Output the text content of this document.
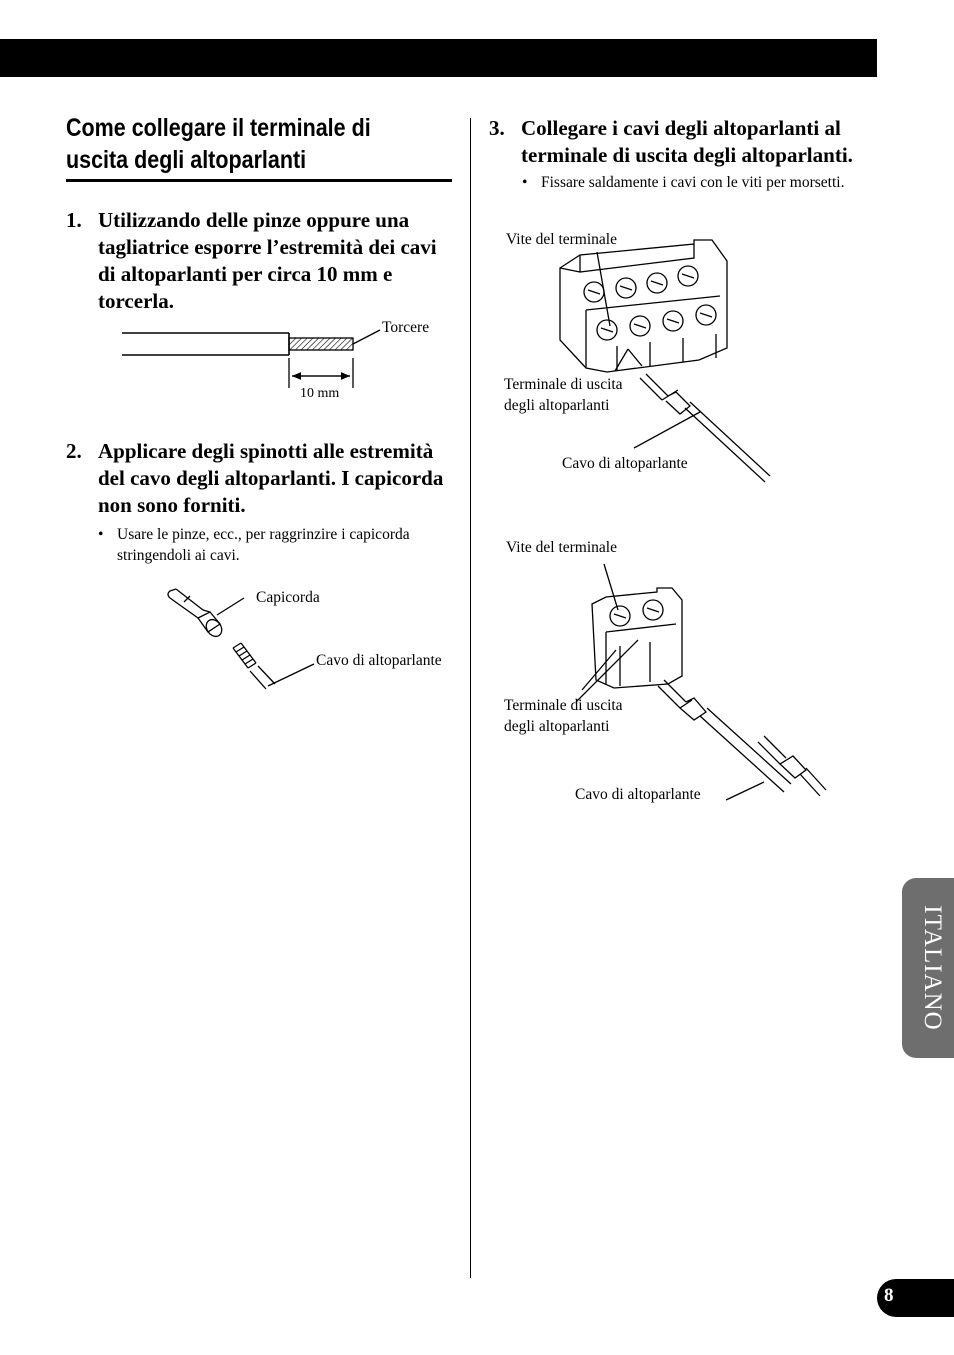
Come collegare il terminale di uscita degli altoparlanti
1. Utilizzando delle pinze oppure una tagliatrice esporre l’estremità dei cavi di altoparlanti per circa 10 mm e torcerla.
2. Applicare degli spinotti alle estremità del cavo degli altoparlanti. I capicorda non sono forniti.
• Usare le pinze, ecc., per raggrinzire i capicorda stringendoli ai cavi.
3. Collegare i cavi degli altoparlanti al terminale di uscita degli altoparlanti.
• Fissare saldamente i cavi con le viti per morsetti.
Torcere
10 mm
Capicorda
Cavo di altoparlante
Vite del terminale
Terminale di uscita degli altoparlanti
Cavo di altoparlante
Vite del terminale
Terminale di uscita degli altoparlanti
Cavo di altoparlante
ITALIANO
8
